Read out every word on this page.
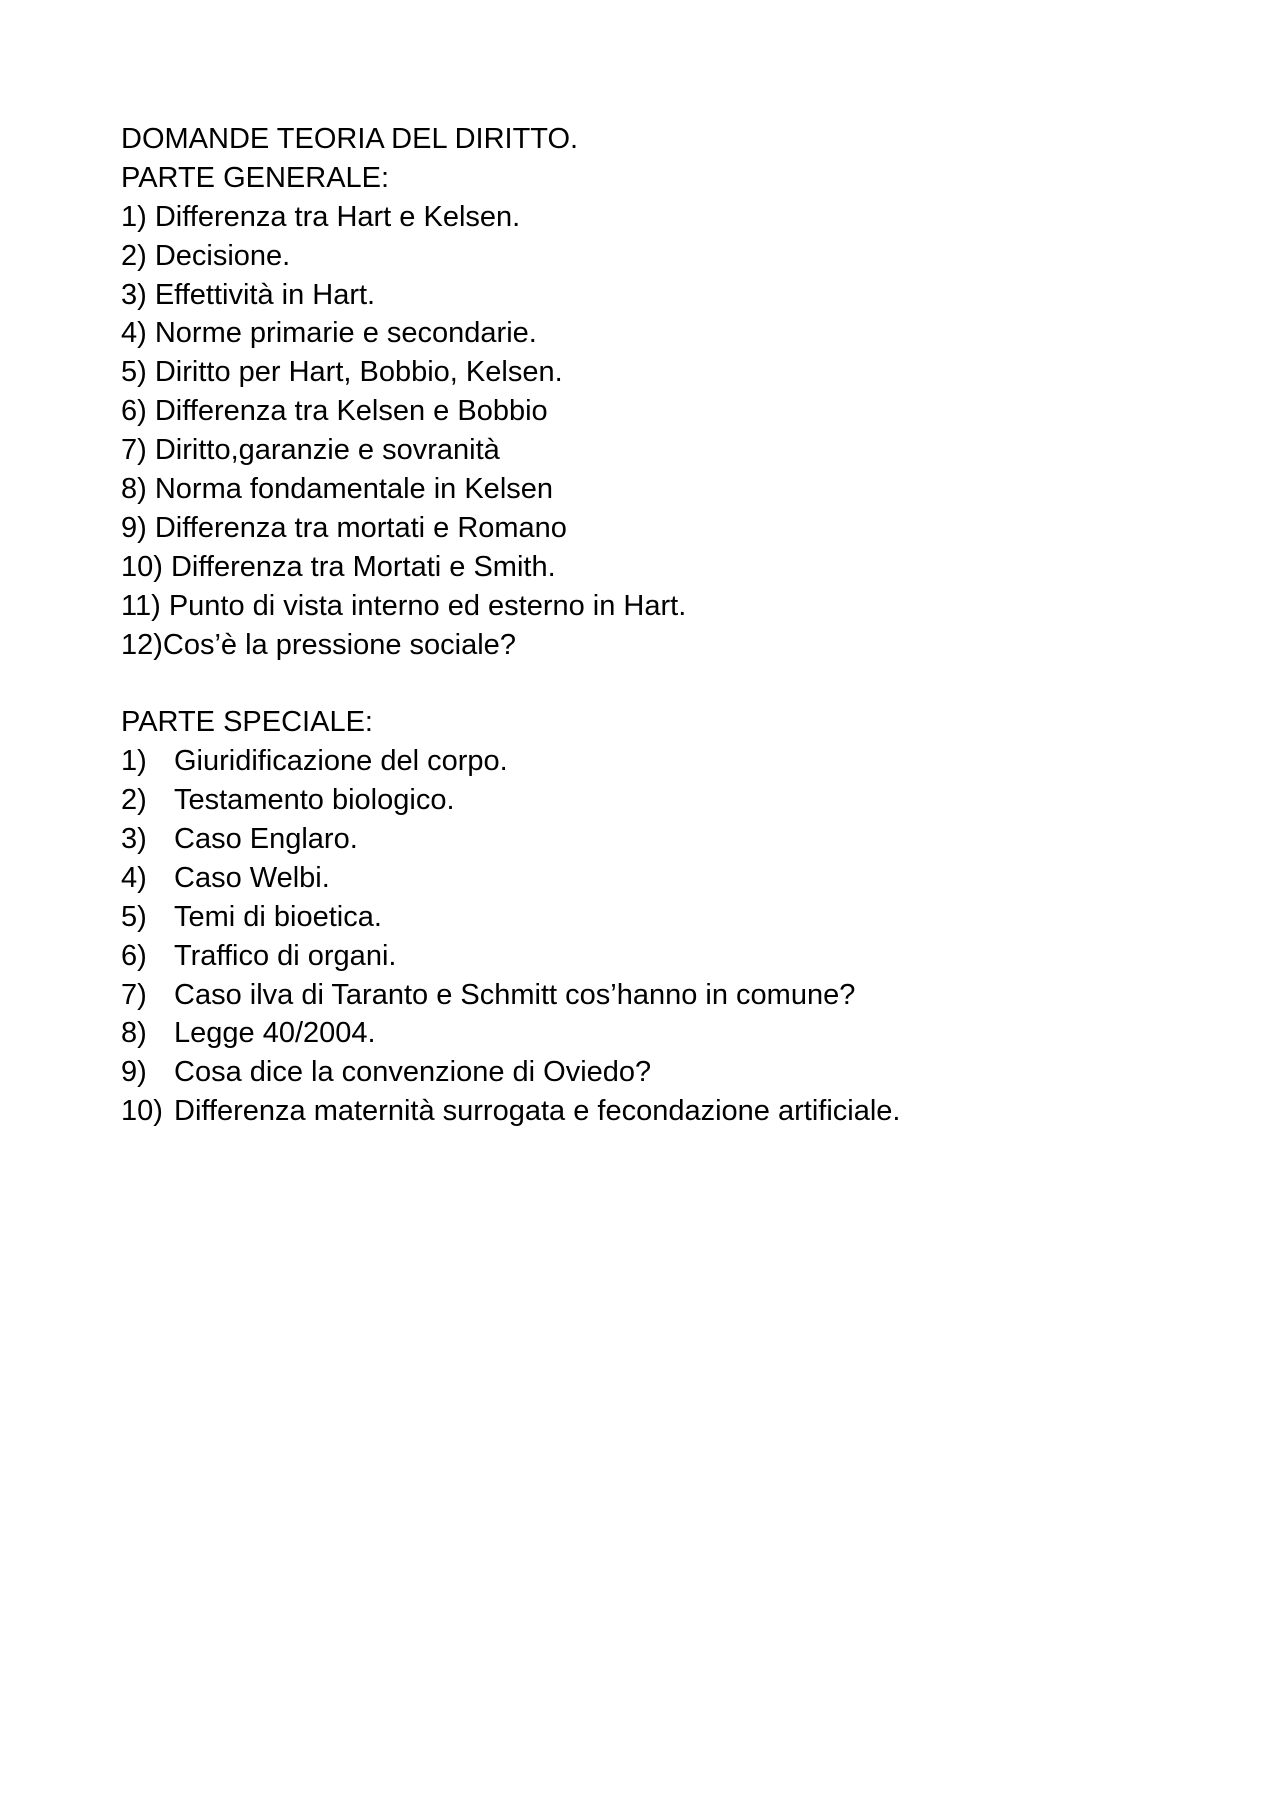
DOMANDE TEORIA DEL DIRITTO.
PARTE GENERALE:
1) Differenza tra Hart e Kelsen.
2) Decisione.
3) Effettività in Hart.
4) Norme primarie e secondarie.
5) Diritto per Hart, Bobbio, Kelsen.
6) Differenza tra Kelsen e Bobbio
7) Diritto,garanzie e sovranità
8) Norma fondamentale in Kelsen
9) Differenza tra mortati e Romano
10) Differenza tra Mortati e Smith.
11) Punto di vista interno ed esterno in Hart.
12)Cos’è la pressione sociale?
PARTE SPECIALE:
1) Giuridificazione del corpo.
2) Testamento biologico.
3) Caso Englaro.
4) Caso Welbi.
5) Temi di bioetica.
6) Traffico di organi.
7) Caso ilva di Taranto e Schmitt cos’hanno in comune?
8) Legge 40/2004.
9) Cosa dice la convenzione di Oviedo?
10) Differenza maternità surrogata e fecondazione artificiale.
